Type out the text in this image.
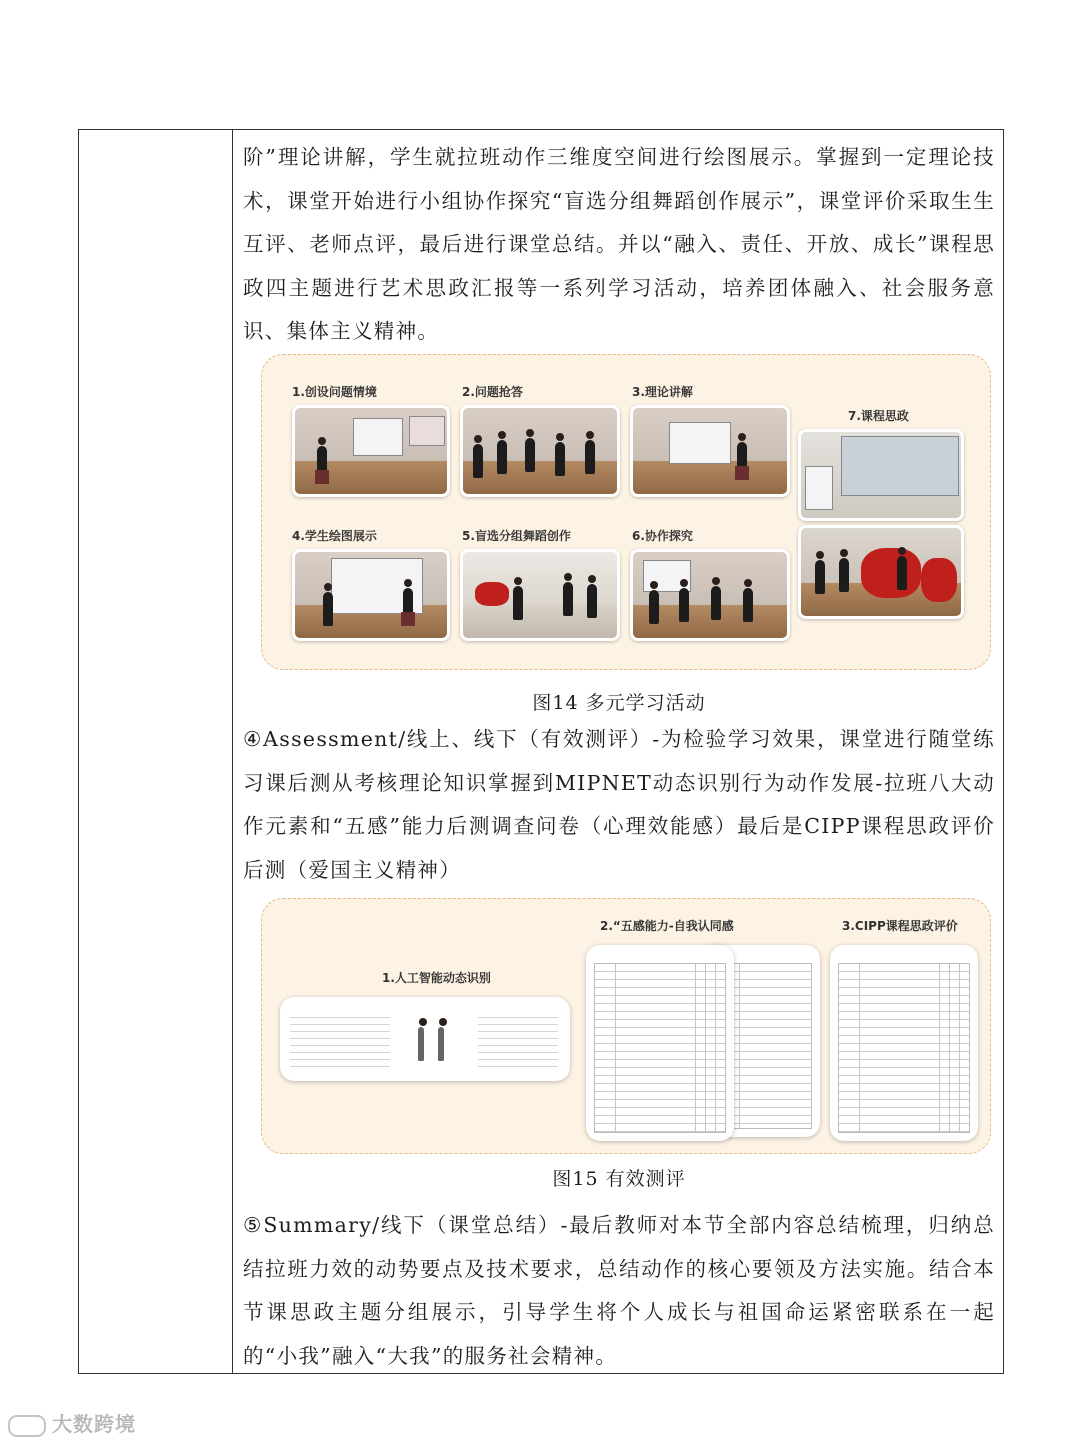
阶”理论讲解，学生就拉班动作三维度空间进行绘图展示。掌握到一定理论技术，课堂开始进行小组协作探究“盲选分组舞蹈创作展示”，课堂评价采取生生互评、老师点评，最后进行课堂总结。并以“融入、责任、开放、成长”课程思政四主题进行艺术思政汇报等一系列学习活动，培养团体融入、社会服务意识、集体主义精神。

1.创设问题情境	2.问题抢答	3.理论讲解
7.课程思政
4.学生绘图展示	5.盲选分组舞蹈创作	6.协作探究
图14 多元学习活动

④Assessment/线上、线下（有效测评）-为检验学习效果，课堂进行随堂练习课后测从考核理论知识掌握到MIPNET动态识别行为动作发展-拉班八大动作元素和“五感”能力后测调查问卷（心理效能感）最后是CIPP课程思政评价后测（爱国主义精神）

1.人工智能动态识别
2.“五感能力-自我认同感	3.CIPP课程思政评价
图15 有效测评

⑤Summary/线下（课堂总结）-最后教师对本节全部内容总结梳理，归纳总结拉班力效的动势要点及技术要求，总结动作的核心要领及方法实施。结合本节课思政主题分组展示，引导学生将个人成长与祖国命运紧密联系在一起的“小我”融入“大我”的服务社会精神。

大数跨境
